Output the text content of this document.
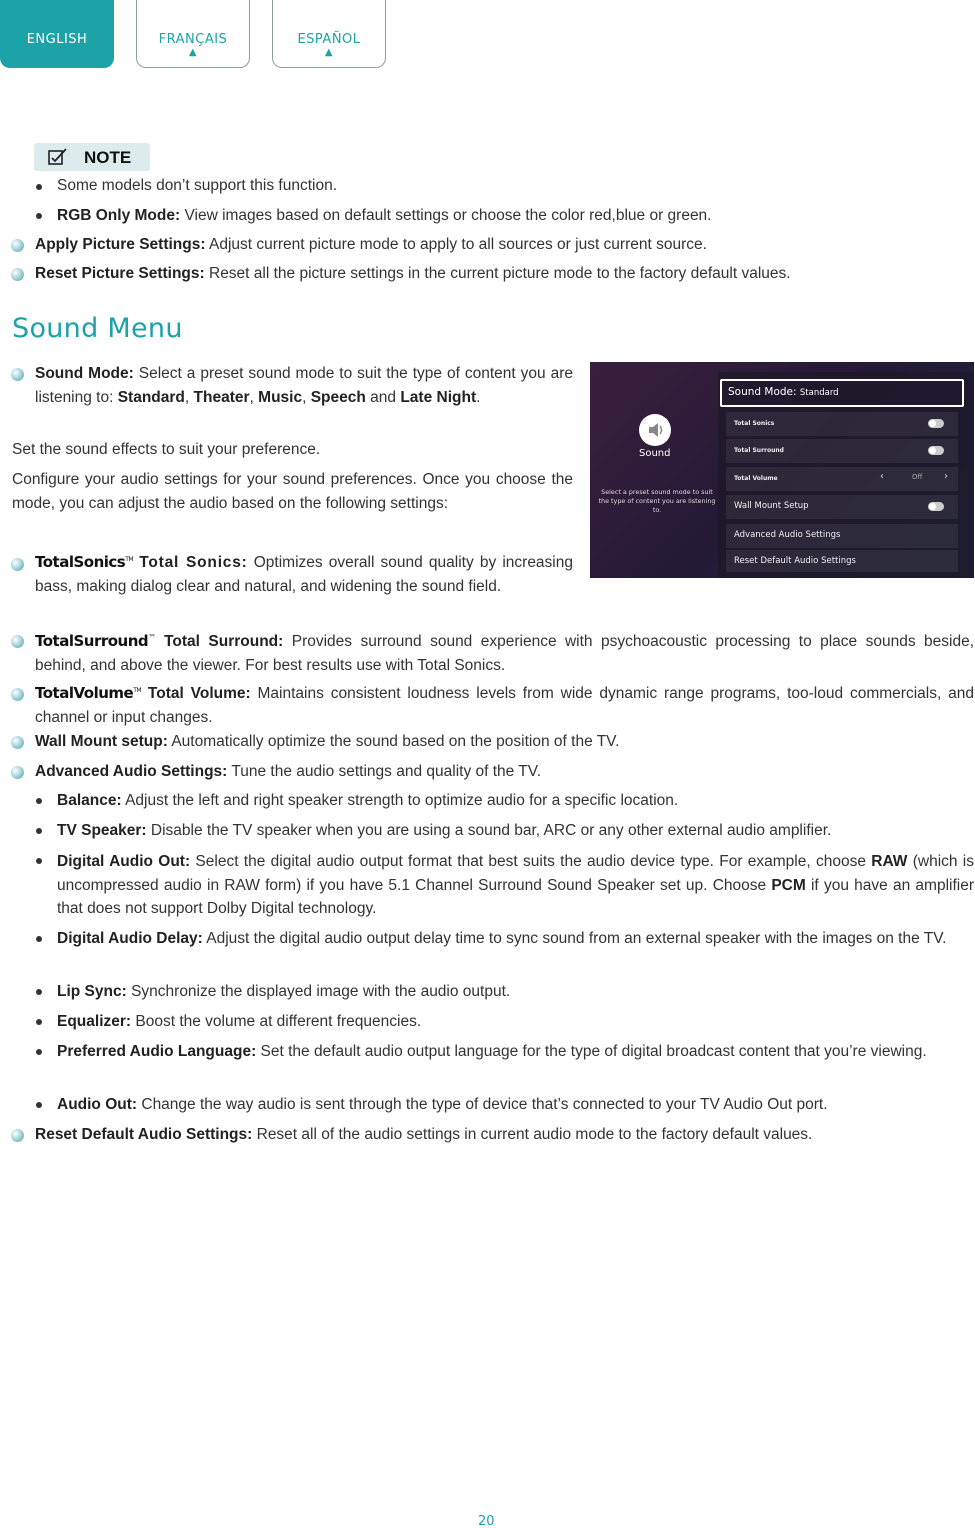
ENGLISH	FRANÇAIS
▲
ESPAÑOL
▲
NOTE
Some models don’t support this function.
RGB Only Mode: View images based on default settings or choose the color red,blue or green.
Apply Picture Settings: Adjust current picture mode to apply to all sources or just current source.
Reset Picture Settings: Reset all the picture settings in the current picture mode to the factory default values.
Sound Menu
Sound Mode: Select a preset sound mode to suit the type of content you are listening to: Standard, Theater, Music, Speech and Late Night.
Set the sound effects to suit your preference.
Configure your audio settings for your sound preferences. Once you choose the mode, you can adjust the audio based on the following settings:
TotalSonics™ Total Sonics: Optimizes overall sound quality by increasing bass, making dialog clear and natural, and widening the sound field.
Sound
Select a preset sound mode to suit the type of content you are listening to.
Sound Mode: Standard
Total Sonics
Total Surround
Total Volume	‹	Off ›
Wall Mount Setup
Advanced Audio Settings
Reset Default Audio Settings
TotalSurround™ Total Surround: Provides surround sound experience with psychoacoustic processing to place sounds beside, behind, and above the viewer. For best results use with Total Sonics.
TotalVolume™ Total Volume: Maintains consistent loudness levels from wide dynamic range programs, too-loud commercials, and channel or input changes.
Wall Mount setup: Automatically optimize the sound based on the position of the TV.
Advanced Audio Settings: Tune the audio settings and quality of the TV.
Balance: Adjust the left and right speaker strength to optimize audio for a specific location.
TV Speaker: Disable the TV speaker when you are using a sound bar, ARC or any other external audio amplifier.
Digital Audio Out: Select the digital audio output format that best suits the audio device type. For example, choose RAW (which is uncompressed audio in RAW form) if you have 5.1 Channel Surround Sound Speaker set up. Choose PCM if you have an amplifier that does not support Dolby Digital technology.
Digital Audio Delay: Adjust the digital audio output delay time to sync sound from an external speaker with the images on the TV.
Lip Sync: Synchronize the displayed image with the audio output.
Equalizer: Boost the volume at different frequencies.
Preferred Audio Language: Set the default audio output language for the type of digital broadcast content that you’re viewing.
Audio Out: Change the way audio is sent through the type of device that’s connected to your TV Audio Out port.
Reset Default Audio Settings: Reset all of the audio settings in current audio mode to the factory default values.
20
